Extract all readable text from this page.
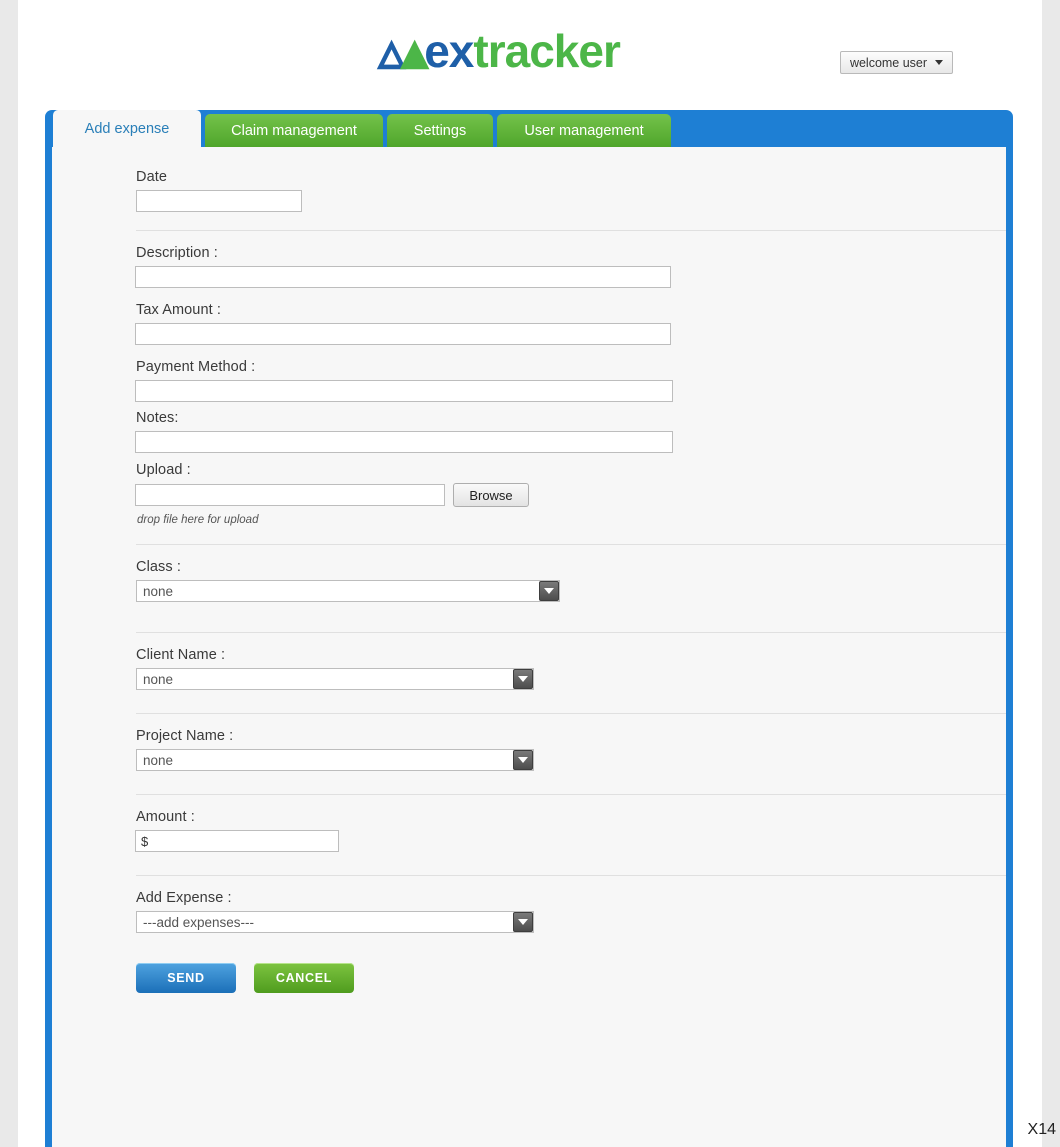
▵▴extracker	welcome user
Add expense	Claim management	Settings	User management
Date
Description :
Tax Amount :
Payment Method :
Notes:
Upload :
Browse
drop file here for upload
Class :
none
Client Name :
none
Project Name :
none
Amount :
$
Add Expense :
---add expenses---
SEND	CANCEL
X14
